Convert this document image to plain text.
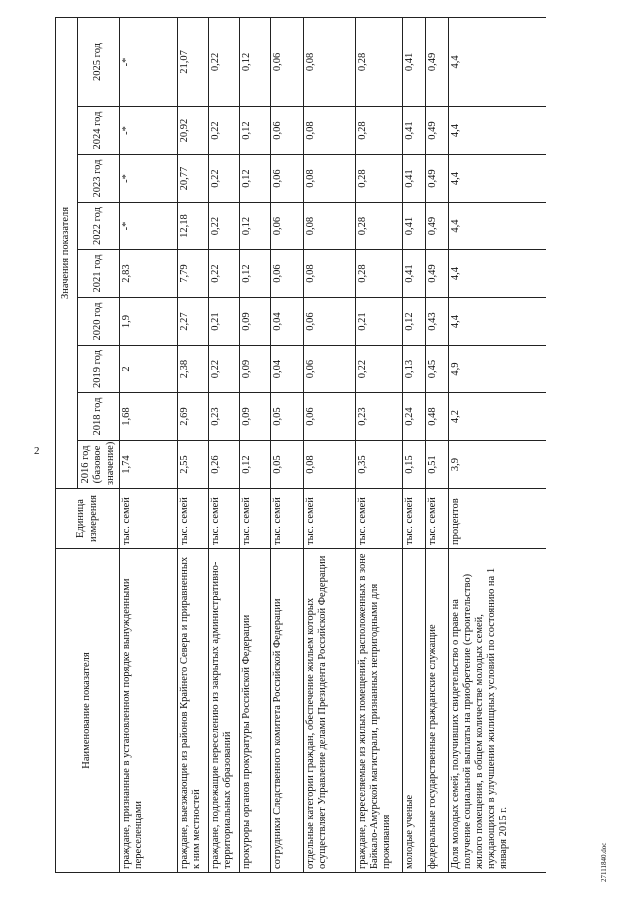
2
27111840.doc
Наименование показателя	Единица измерения	Значения показателя								
		2016 год (базовое значение)	2018 год	2019 год	2020 год	2021 год	2022 год	2023 год	2024 год	2025 год
граждане, признанные в установленном порядке вынужденными переселенцами	тыс. семей	1,74	1,68	2	1,9	2,83	-*	-*	-*	-*
граждане, выезжающие из районов Крайнего Севера и приравненных к ним местностей	тыс. семей	2,55	2,69	2,38	2,27	7,79	12,18	20,77	20,92	21,07
граждане, подлежащие переселению из закрытых административно-территориальных образований	тыс. семей	0,26	0,23	0,22	0,21	0,22	0,22	0,22	0,22	0,22
прокуроры органов прокуратуры Российской Федерации	тыс. семей	0,12	0,09	0,09	0,09	0,12	0,12	0,12	0,12	0,12
сотрудники Следственного комитета Российской Федерации	тыс. семей	0,05	0,05	0,04	0,04	0,06	0,06	0,06	0,06	0,06
отдельные категории граждан, обеспечение жильем которых осуществляет Управление делами Президента Российской Федерации	тыс. семей	0,08	0,06	0,06	0,06	0,08	0,08	0,08	0,08	0,08
граждане, переселяемые из жилых помещений, расположенных в зоне Байкало-Амурской магистрали, признанных непригодными для проживания	тыс. семей	0,35	0,23	0,22	0,21	0,28	0,28	0,28	0,28	0,28
молодые ученые	тыс. семей	0,15	0,24	0,13	0,12	0,41	0,41	0,41	0,41	0,41
федеральные государственные гражданские служащие	тыс. семей	0,51	0,48	0,45	0,43	0,49	0,49	0,49	0,49	0,49
Доля молодых семей, получивших свидетельство о праве на получение социальной выплаты на приобретение (строительство) жилого помещения, в общем количестве молодых семей, нуждающихся в улучшении жилищных условий по состоянию на 1 января 2015 г.	процентов	3,9	4,2	4,9	4,4	4,4	4,4	4,4	4,4	4,4
